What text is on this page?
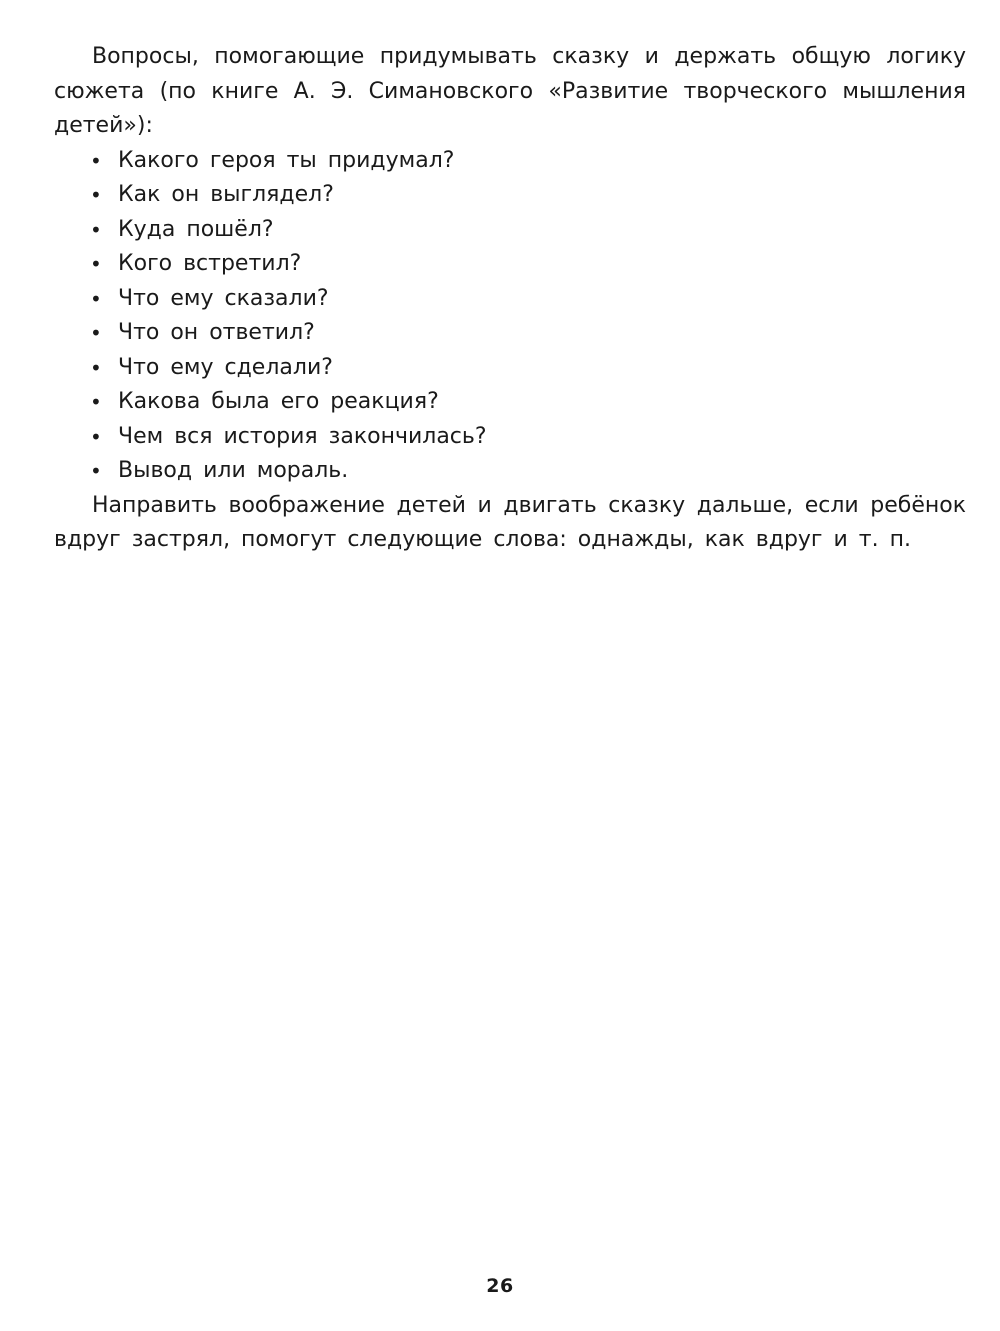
Вопросы, помогающие придумывать сказку и держать общую логику сюжета (по книге А. Э. Симановского «Развитие творческого мышления детей»):

• Какого героя ты придумал?
• Как он выглядел?
• Куда пошёл?
• Кого встретил?
• Что ему сказали?
• Что он ответил?
• Что ему сделали?
• Какова была его реакция?
• Чем вся история закончилась?
• Вывод или мораль.

Направить воображение детей и двигать сказку дальше, если ребёнок вдруг застрял, помогут следующие слова: однажды, как вдруг и т. п.

26
